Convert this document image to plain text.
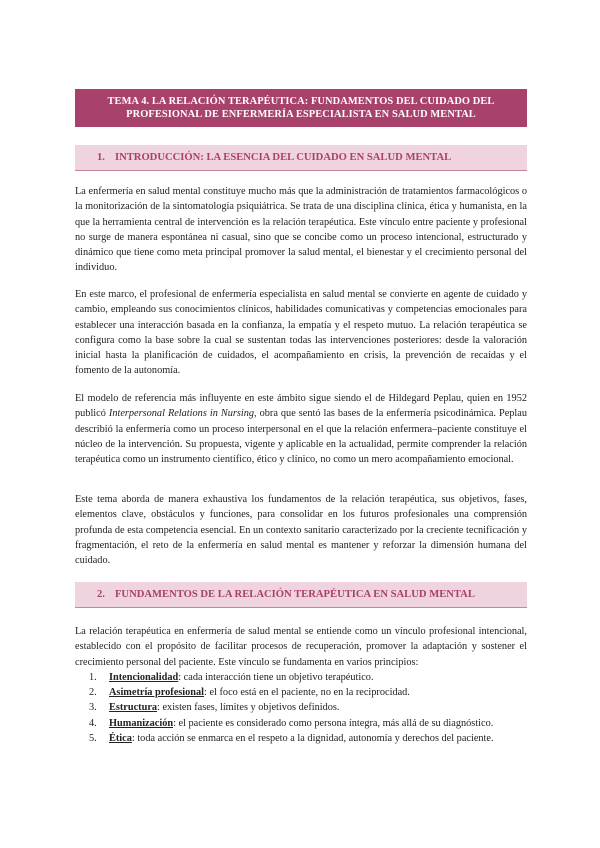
TEMA 4. LA RELACIÓN TERAPÉUTICA: FUNDAMENTOS DEL CUIDADO DEL
PROFESIONAL DE ENFERMERÍA ESPECIALISTA EN SALUD MENTAL
1. INTRODUCCIÓN: LA ESENCIA DEL CUIDADO EN SALUD MENTAL

La enfermería en salud mental constituye mucho más que la administración de tratamientos farmacológicos o la monitorización de la sintomatología psiquiátrica. Se trata de una disciplina clínica, ética y humanista, en la que la herramienta central de intervención es la relación terapéutica. Este vínculo entre paciente y profesional no surge de manera espontánea ni casual, sino que se concibe como un proceso intencional, estructurado y dinámico que tiene como meta principal promover la salud mental, el bienestar y el crecimiento personal del individuo.

En este marco, el profesional de enfermería especialista en salud mental se convierte en agente de cuidado y cambio, empleando sus conocimientos clínicos, habilidades comunicativas y competencias emocionales para establecer una interacción basada en la confianza, la empatía y el respeto mutuo. La relación terapéutica se configura como la base sobre la cual se sustentan todas las intervenciones posteriores: desde la valoración inicial hasta la planificación de cuidados, el acompañamiento en crisis, la prevención de recaídas y el fomento de la autonomía.

El modelo de referencia más influyente en este ámbito sigue siendo el de Hildegard Peplau, quien en 1952 publicó Interpersonal Relations in Nursing, obra que sentó las bases de la enfermería psicodinámica. Peplau describió la enfermería como un proceso interpersonal en el que la relación enfermera–paciente constituye el núcleo de la intervención. Su propuesta, vigente y aplicable en la actualidad, permite comprender la relación terapéutica como un instrumento científico, ético y clínico, no como un mero acompañamiento emocional.

Este tema aborda de manera exhaustiva los fundamentos de la relación terapéutica, sus objetivos, fases, elementos clave, obstáculos y funciones, para consolidar en los futuros profesionales una comprensión profunda de esta competencia esencial. En un contexto sanitario caracterizado por la creciente tecnificación y fragmentación, el reto de la enfermería en salud mental es mantener y reforzar la dimensión humana del cuidado.

2. FUNDAMENTOS DE LA RELACIÓN TERAPÉUTICA EN SALUD MENTAL

La relación terapéutica en enfermería de salud mental se entiende como un vínculo profesional intencional, establecido con el propósito de facilitar procesos de recuperación, promover la adaptación y sostener el crecimiento personal del paciente. Este vínculo se fundamenta en varios principios:

1.	Intencionalidad: cada interacción tiene un objetivo terapéutico.
2.	Asimetría profesional: el foco está en el paciente, no en la reciprocidad.
3.	Estructura: existen fases, límites y objetivos definidos.
4.	Humanización: el paciente es considerado como persona íntegra, más allá de su diagnóstico.
5.	Ética: toda acción se enmarca en el respeto a la dignidad, autonomía y derechos del paciente.
